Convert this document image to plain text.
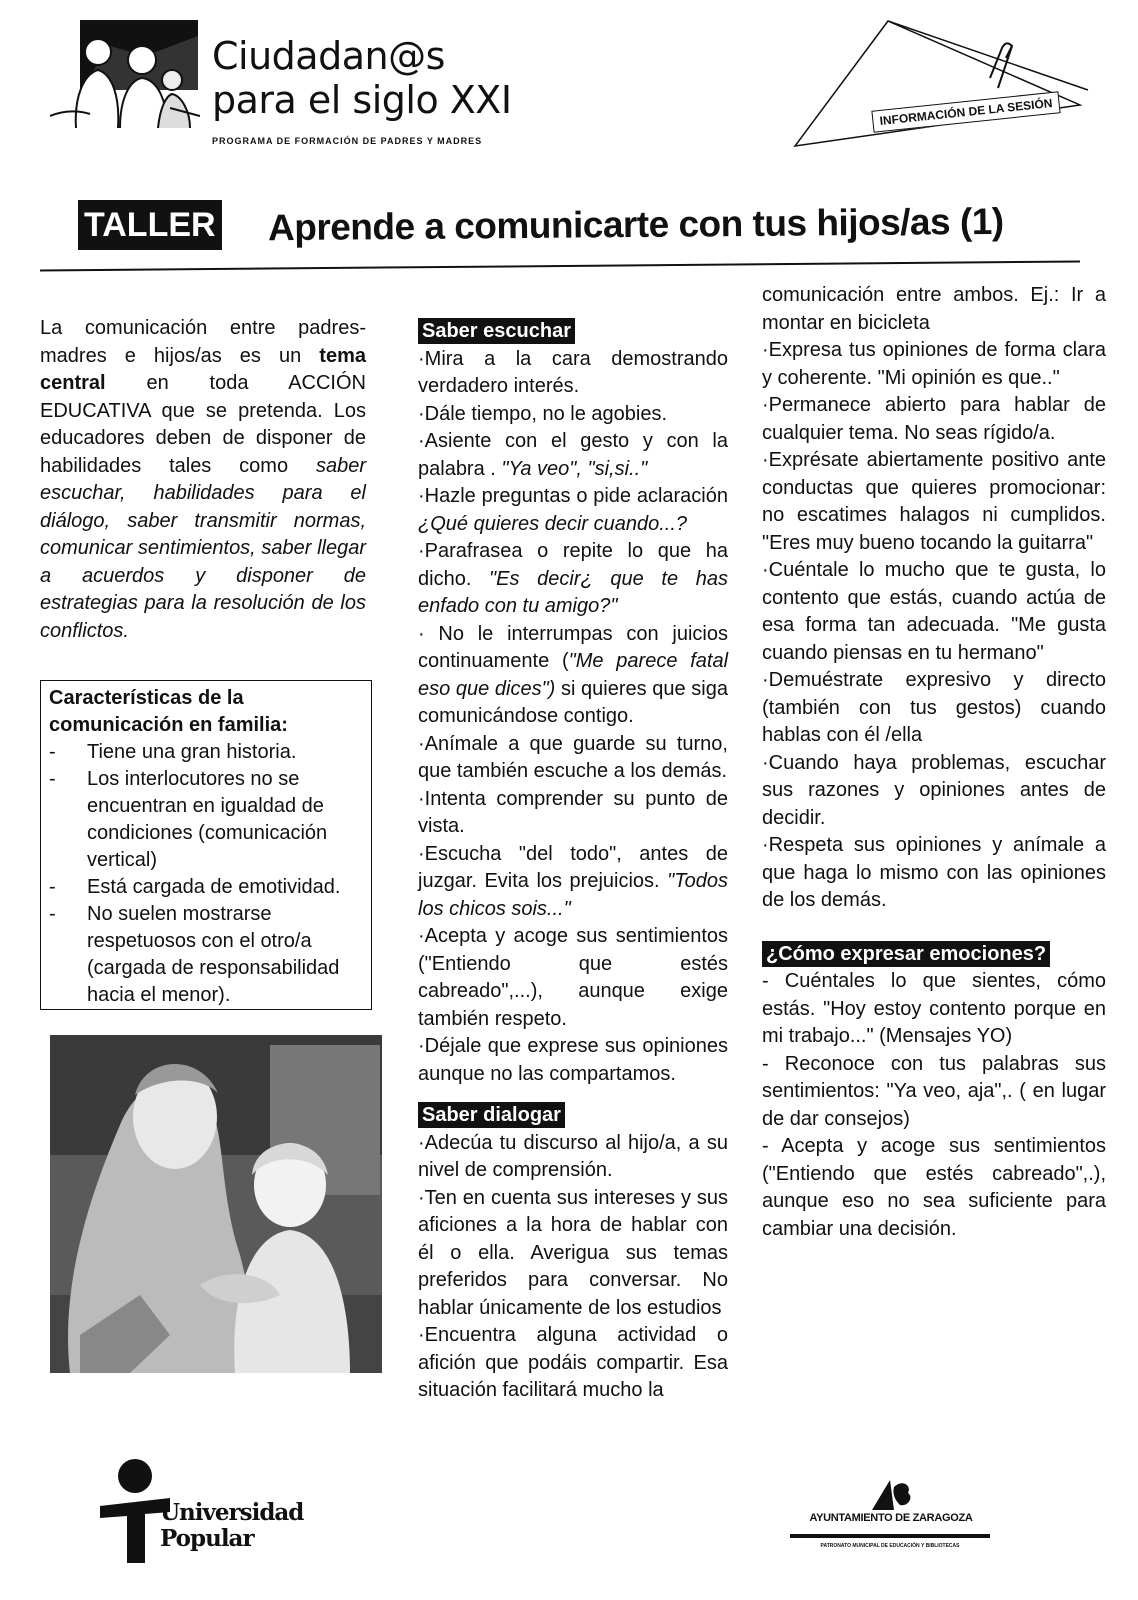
Ciudadan@s
para el siglo XXI
PROGRAMA DE FORMACIÓN DE PADRES Y MADRES
INFORMACIÓN DE LA SESIÓN
TALLER Aprende a comunicarte con tus hijos/as (1)

La comunicación entre padres-madres e hijos/as es un tema central en toda ACCIÓN EDUCATIVA que se pretenda. Los educadores deben de disponer de habilidades tales como saber escuchar, habilidades para el diálogo, saber transmitir normas, comunicar sentimientos, saber llegar a acuerdos y disponer de estrategias para la resolución de los conflictos.

Características de la comunicación en familia:
- Tiene una gran historia.
- Los interlocutores no se encuentran en igualdad de condiciones (comunicación vertical)
- Está cargada de emotividad.
- No suelen mostrarse respetuosos con el otro/a (cargada de responsabilidad hacia el menor).
Saber escuchar

·Mira a la cara demostrando verdadero interés.

·Dále tiempo, no le agobies.

·Asiente con el gesto y con la palabra . "Ya veo", "si,si.."

·Hazle preguntas o pide aclaración ¿Qué quieres decir cuando...?

·Parafrasea o repite lo que ha dicho. "Es decir¿ que te has enfado con tu amigo?"

· No le interrumpas con juicios continuamente ("Me parece fatal eso que dices") si quieres que siga comunicándose contigo.

·Anímale a que guarde su turno, que también escuche a los demás.

·Intenta comprender su punto de vista.

·Escucha "del todo", antes de juzgar. Evita los prejuicios. "Todos los chicos sois..."

·Acepta y acoge sus sentimientos ("Entiendo que estés cabreado",...), aunque exige también respeto.

·Déjale que exprese sus opiniones aunque no las compartamos.

Saber dialogar

·Adecúa tu discurso al hijo/a, a su nivel de comprensión.

·Ten en cuenta sus intereses y sus aficiones a la hora de hablar con él o ella. Averigua sus temas preferidos para conversar. No hablar únicamente de los estudios

·Encuentra alguna actividad o afición que podáis compartir. Esa situación facilitará mucho la

comunicación entre ambos. Ej.: Ir a montar en bicicleta

·Expresa tus opiniones de forma clara y coherente. "Mi opinión es que.."

·Permanece abierto para hablar de cualquier tema. No seas rígido/a.

·Exprésate abiertamente positivo ante conductas que quieres promocionar: no escatimes halagos ni cumplidos. "Eres muy bueno tocando la guitarra"

·Cuéntale lo mucho que te gusta, lo contento que estás, cuando actúa de esa forma tan adecuada. "Me gusta cuando piensas en tu hermano"

·Demuéstrate expresivo y directo (también con tus gestos) cuando hablas con él /ella

·Cuando haya problemas, escuchar sus razones y opiniones antes de decidir.

·Respeta sus opiniones y anímale a que haga lo mismo con las opiniones de los demás.

¿Cómo expresar emociones?

- Cuéntales lo que sientes, cómo estás. "Hoy estoy contento porque en mi trabajo..." (Mensajes YO)

- Reconoce con tus palabras sus sentimientos: "Ya veo, aja",. ( en lugar de dar consejos)

- Acepta y acoge sus sentimientos ("Entiendo que estés cabreado",.), aunque eso no sea suficiente para cambiar una decisión.

Universidad
Popular
AYUNTAMIENTO DE ZARAGOZA
PATRONATO MUNICIPAL DE EDUCACIÓN Y BIBLIOTECAS
